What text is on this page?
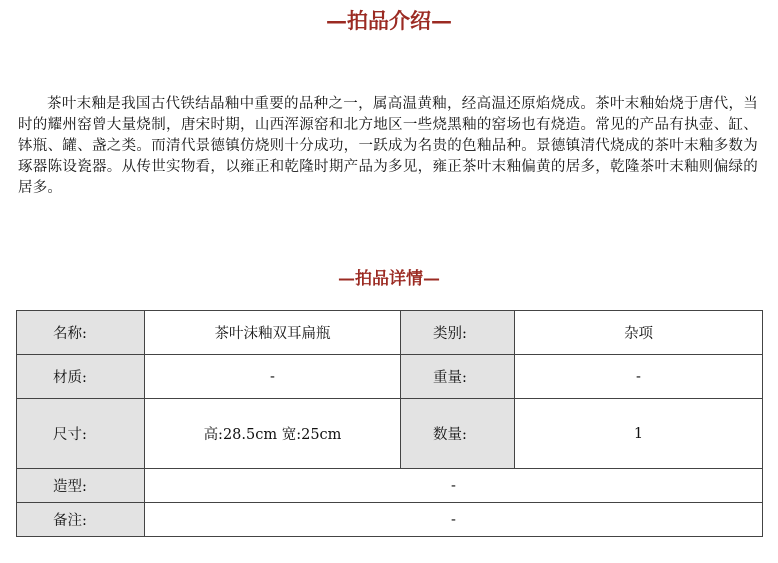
—拍品介绍—

茶叶末釉是我国古代铁结晶釉中重要的品种之一，属高温黄釉，经高温还原焰烧成。茶叶末釉始烧于唐代，当时的耀州窑曾大量烧制，唐宋时期，山西浑源窑和北方地区一些烧黑釉的窑场也有烧造。常见的产品有执壶、缸、钵瓶、罐、盏之类。而清代景德镇仿烧则十分成功，一跃成为名贵的色釉品种。景德镇清代烧成的茶叶末釉多数为琢器陈设瓷器。从传世实物看，以雍正和乾隆时期产品为多见，雍正茶叶末釉偏黄的居多，乾隆茶叶末釉则偏绿的居多。

—拍品详情—
名称:	茶叶沫釉双耳扁瓶	类别:	杂项

材质:	-	重量:	-

尺寸:	高:28.5cm 宽:25cm	数量:	1

造型:	-		

备注:	-		
